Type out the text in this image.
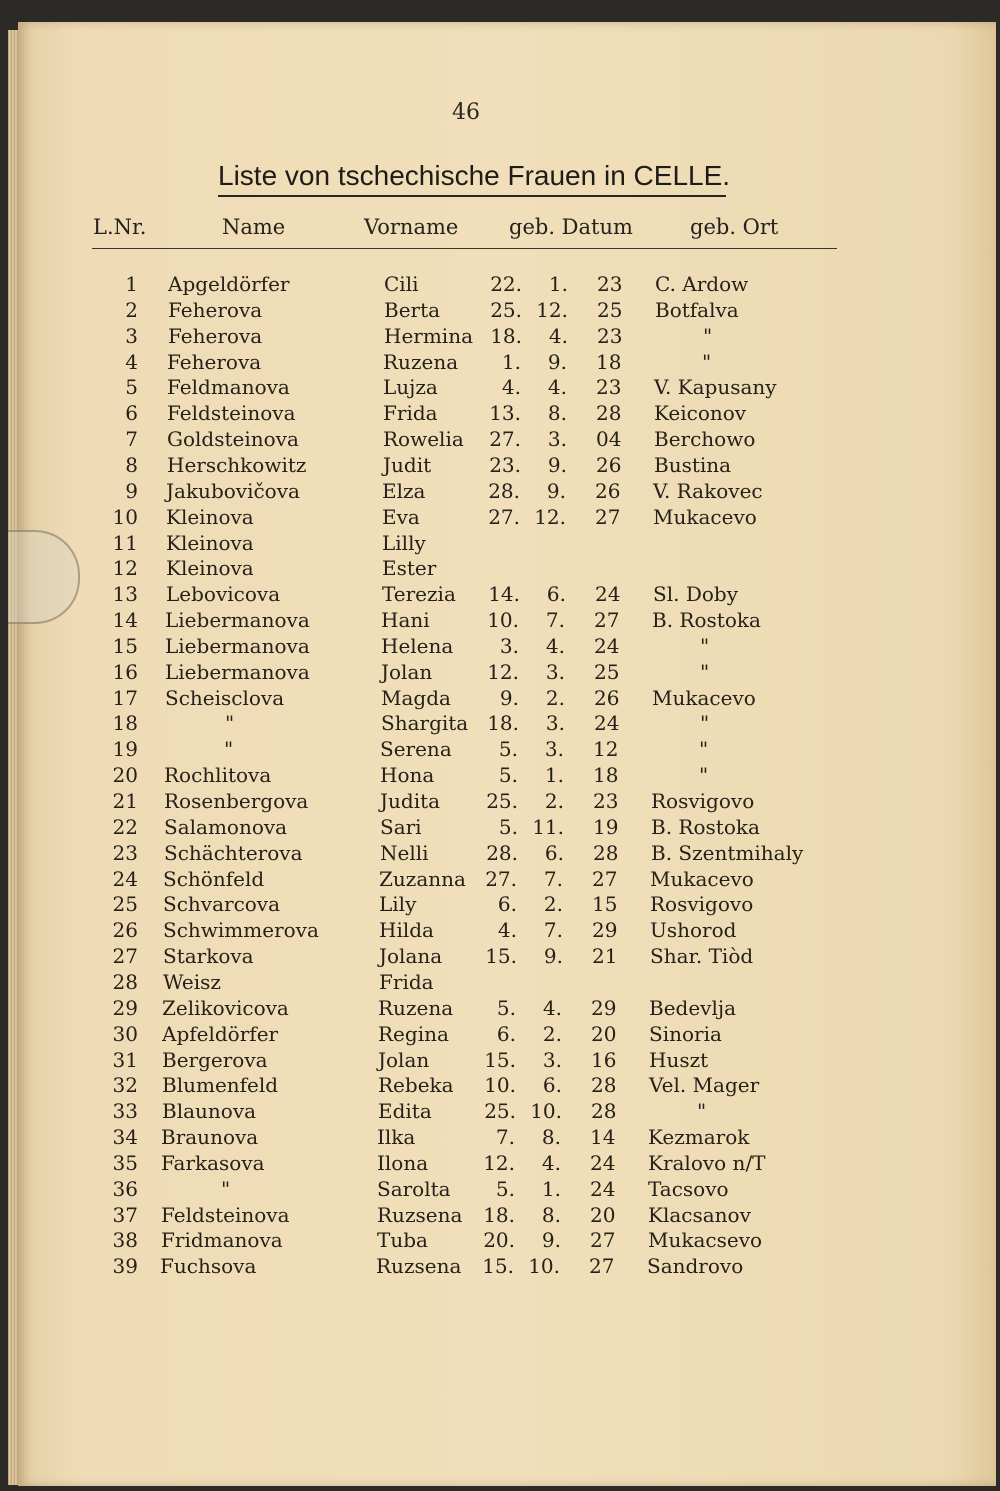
46
Liste von tschechische Frauen in CELLE.
L.Nr.	Name	Vorname geb. Datum	geb. Ort
1 Apgeldörfer	Cili	22.	1. 23 C. Ardow
2 Feherova	Berta	25. 12. 25 Botfalva
3 Feherova	Hermina 18.	4. 23	"
4 Feherova	Ruzena	1.	9. 18	"
5 Feldmanova	Lujza	4.	4. 23 V. Kapusany
6 Feldsteinova	Frida	13.	8. 28 Keiconov
7 Goldsteinova	Rowelia 27.	3. 04 Berchowo
8 Herschkowitz	Judit	23.	9. 26 Bustina
9 Jakubovičova	Elza	28.	9. 26 V. Rakovec
10 Kleinova	Eva	27. 12. 27 Mukacevo
11 Kleinova	Lilly
12 Kleinova	Ester
13 Lebovicova	Terezia 14.	6. 24 Sl. Doby
14 Liebermanova	Hani	10.	7. 27 B. Rostoka
15 Liebermanova	Helena	3.	4. 24	"
16 Liebermanova	Jolan	12.	3. 25	"
17 Scheisclova	Magda	9.	2. 26 Mukacevo
18	"	Shargita 18.	3. 24	"
19	"	Serena	5.	3. 12	"
20 Rochlitova	Hona	5.	1. 18	"
21 Rosenbergova	Judita 25.	2. 23 Rosvigovo
22 Salamonova	Sari	5. 11. 19 B. Rostoka
23 Schächterova	Nelli	28.	6. 28 B. Szentmihaly
24 Schönfeld	Zuzanna 27.	7. 27 Mukacevo
25 Schvarcova	Lily	6.	2. 15 Rosvigovo
26 Schwimmerova	Hilda	4.	7. 29 Ushorod
27 Starkova	Jolana 15.	9. 21 Shar. Tiòd
28 Weisz	Frida
29 Zelikovicova	Ruzena	5.	4. 29 Bedevlja
30 Apfeldörfer	Regina	6.	2. 20 Sinoria
31 Bergerova	Jolan	15.	3. 16 Huszt
32 Blumenfeld	Rebeka 10.	6. 28 Vel. Mager
33 Blaunova	Edita	25. 10. 28	"
34 Braunova	Ilka	7.	8. 14 Kezmarok
35 Farkasova	Ilona	12.	4. 24 Kralovo n/T
36	"	Sarolta	5.	1. 24 Tacsovo
37 Feldsteinova	Ruzsena 18.	8. 20 Klacsanov
38 Fridmanova	Tuba	20.	9. 27 Mukacsevo
39 Fuchsova	Ruzsena 15. 10. 27 Sandrovo
